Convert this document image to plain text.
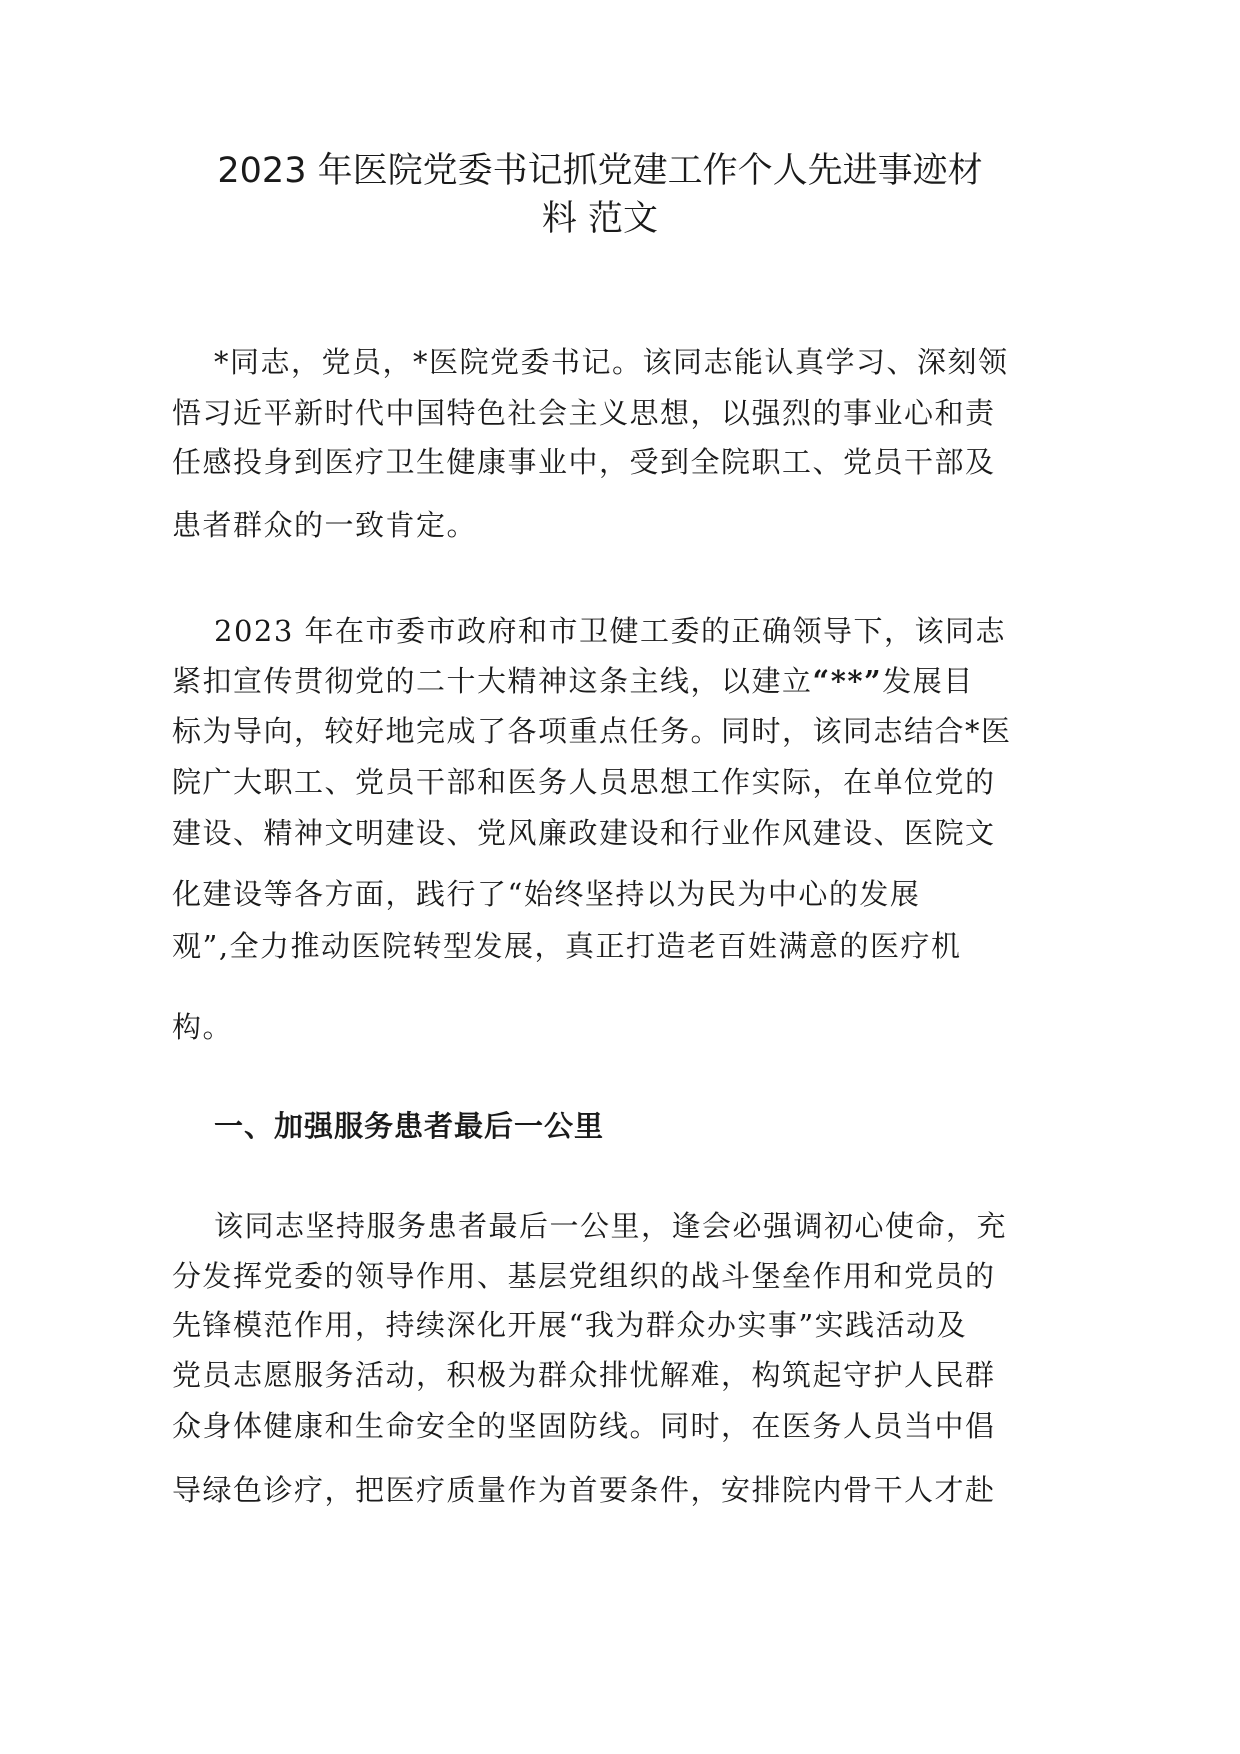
2023 年医院党委书记抓党建工作个人先进事迹材
料 范文
*同志，党员，*医院党委书记。该同志能认真学习、深刻领
悟习近平新时代中国特色社会主义思想，以强烈的事业心和责
任感投身到医疗卫生健康事业中，受到全院职工、党员干部及
患者群众的一致肯定。
2023 年在市委市政府和市卫健工委的正确领导下，该同志
紧扣宣传贯彻党的二十大精神这条主线，以建立“**”发展目
标为导向，较好地完成了各项重点任务。同时，该同志结合*医
院广大职工、党员干部和医务人员思想工作实际，在单位党的
建设、精神文明建设、党风廉政建设和行业作风建设、医院文
化建设等各方面，践行了“始终坚持以为民为中心的发展
观”,全力推动医院转型发展，真正打造老百姓满意的医疗机
构。
一、加强服务患者最后一公里
该同志坚持服务患者最后一公里，逢会必强调初心使命，充
分发挥党委的领导作用、基层党组织的战斗堡垒作用和党员的
先锋模范作用，持续深化开展“我为群众办实事”实践活动及
党员志愿服务活动，积极为群众排忧解难，构筑起守护人民群
众身体健康和生命安全的坚固防线。同时，在医务人员当中倡
导绿色诊疗，把医疗质量作为首要条件，安排院内骨干人才赴
